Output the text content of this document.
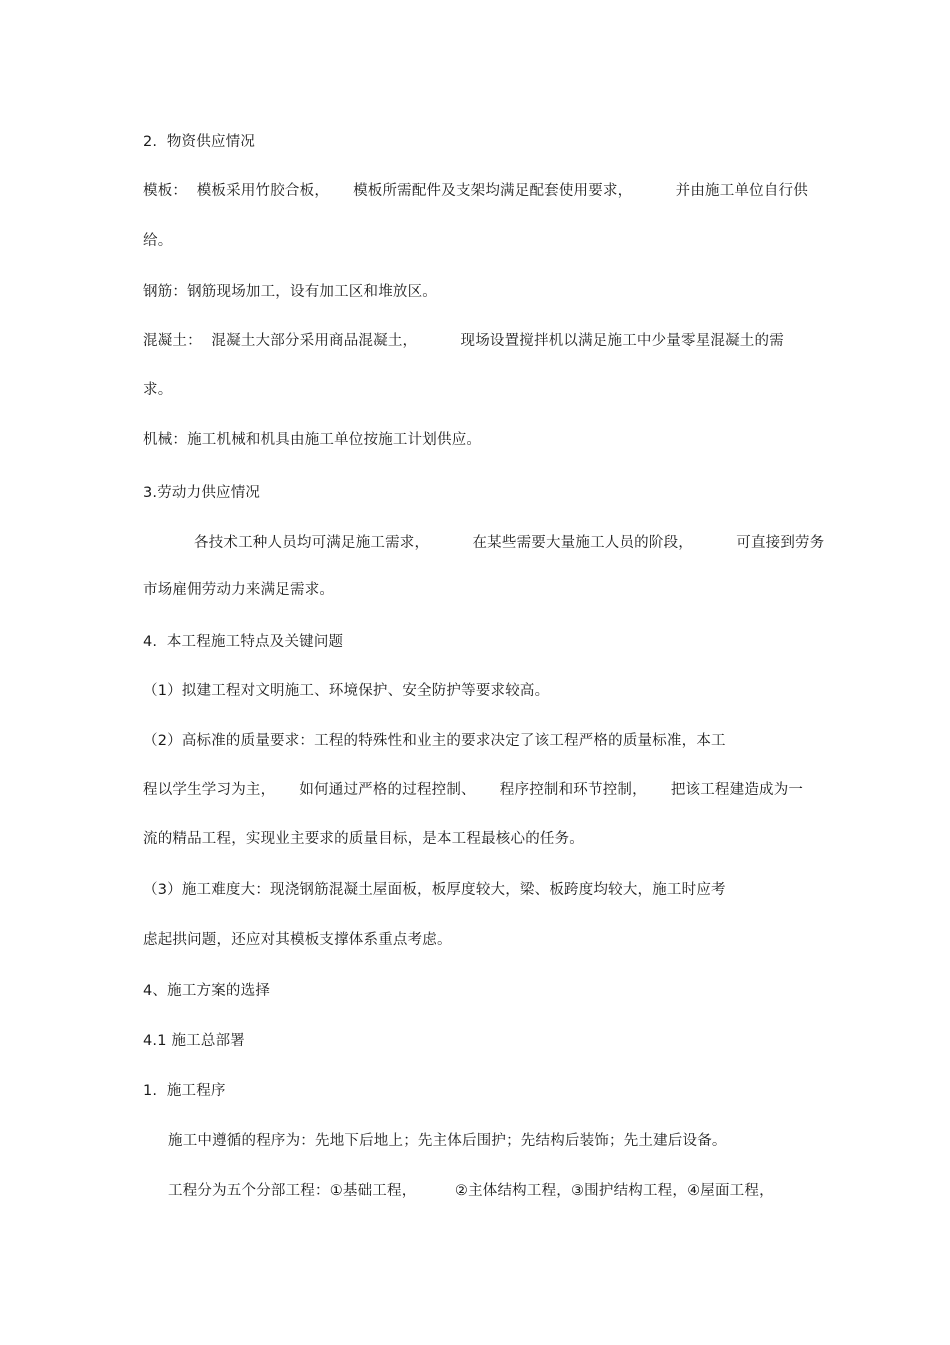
2.  物资供应情况
模板：  模板采用竹胶合板，     模板所需配件及支架均满足配套使用要求，         并由施工单位自行供
给。
钢筋：钢筋现场加工，设有加工区和堆放区。
混凝土：  混凝土大部分采用商品混凝土，         现场设置搅拌机以满足施工中少量零星混凝土的需
求。
机械：施工机械和机具由施工单位按施工计划供应。
3.劳动力供应情况
各技术工种人员均可满足施工需求，         在某些需要大量施工人员的阶段，         可直接到劳务
市场雇佣劳动力来满足需求。
4.  本工程施工特点及关键问题
（1）拟建工程对文明施工、环境保护、安全防护等要求较高。
（2）高标准的质量要求：工程的特殊性和业主的要求决定了该工程严格的质量标准，本工
程以学生学习为主，     如何通过严格的过程控制、     程序控制和环节控制，     把该工程建造成为一
流的精品工程，实现业主要求的质量目标，是本工程最核心的任务。
（3）施工难度大：现浇钢筋混凝土屋面板，板厚度较大，梁、板跨度均较大，施工时应考
虑起拱问题，还应对其模板支撑体系重点考虑。
4、施工方案的选择
4.1 施工总部署
1.  施工程序
施工中遵循的程序为：先地下后地上；先主体后围护；先结构后装饰；先土建后设备。
工程分为五个分部工程：①基础工程，        ②主体结构工程，③围护结构工程，④屋面工程，
